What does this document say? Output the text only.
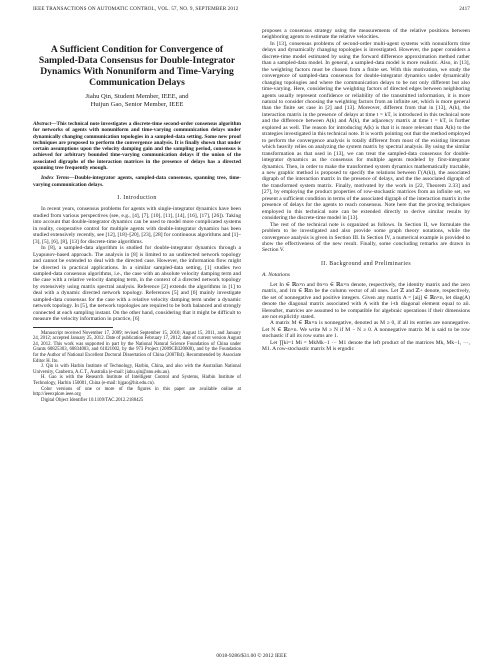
IEEE TRANSACTIONS ON AUTOMATIC CONTROL, VOL. 57, NO. 9, SEPTEMBER 2012	2417
A Sufficient Condition for Convergence of Sampled-Data Consensus for Double-Integrator Dynamics With Nonuniform and Time-Varying Communication Delays
Jiahu Qin, Student Member, IEEE, and
Huijun Gao, Senior Member, IEEE

Abstract—This technical note investigates a discrete-time second-order consensus algorithm for networks of agents with nonuniform and time-varying communication delays under dynamically changing communication topologies in a sampled-data setting. Some new proof techniques are proposed to perform the convergence analysis. It is finally shown that under certain assumptions upon the velocity damping gain and the sampling period, consensus is achieved for arbitrary bounded time-varying communication delays if the union of the associated digraphs of the interaction matrices in the presence of delays has a directed spanning tree frequently enough.

Index Terms—Double-integrator agents, sampled-data consensus, spanning tree, time-varying communication delays.

I. Introduction

In recent years, consensus problems for agents with single-integrator dynamics have been studied from various perspectives (see, e.g., [4], [7], [10], [11], [14], [16], [17], [26]). Taking into account that double-integrator dynamics can be used to model more complicated systems in reality, cooperative control for multiple agents with double-integrator dynamics has been studied extensively recently, see [12], [18]–[20], [23], [28] for continuous algorithms and [1]–[3], [5], [6], [8], [13] for discrete-time algorithms.

In [8], a sampled-data algorithm is studied for double-integrator dynamics through a Lyapunov-based approach. The analysis in [8] is limited to an undirected network topology and cannot be extended to deal with the directed case. However, the information flow might be directed in practical applications. In a similar sampled-data setting, [1] studies two sampled-data consensus algorithms, i.e., the case with an absolute velocity damping term and the case with a relative velocity damping term, in the context of a directed network topology by extensively using matrix spectral analysis. Reference [2] extends the algorithms in [1] to deal with a dynamic directed network topology. References [5] and [6] mainly investigate sampled-data consensus for the case with a relative velocity damping term under a dynamic network topology. In [5], the network topologies are required to be both balanced and strongly connected at each sampling instant. On the other hand, considering that it might be difficult to measure the velocity information in practice, [6]

Manuscript received November 17, 2009; revised September 15, 2010; August 15, 2011, and January 24, 2012; accepted January 25, 2012. Date of publication February 17, 2012; date of current version August 24, 2012. This work was supported in part by the National Natural Science Foundation of China under Grants 60825303, 60834003, and 61021002, by the 973 Project (2009CB320600), and by the Foundation for the Author of National Excellent Doctoral Dissertation of China (2007B4). Recommended by Associate Editor H. Ito.

J. Qin is with Harbin Institute of Technology, Harbin, China, and also with the Australian National University, Canberra, A.C.T., Australia (e-mail: jiahu.qin@anu.edu.au).

H. Gao is with the Research Institute of Intelligent Control and Systems, Harbin Institute of Technology, Harbin 150001, China (e-mail: hjgao@hit.edu.cn).

Color versions of one or more of the figures in this paper are available online at http://ieeexplore.ieee.org

Digital Object Identifier 10.1109/TAC.2012.2188425

proposes a consensus strategy using the measurements of the relative positions between neighboring agents to estimate the relative velocities.

In [13], consensus problems of second-order multi-agent systems with nonuniform time delays and dynamically changing topologies is investigated. However, the paper considers a discrete-time model estimated by using the forward difference approximation method rather than a sampled-data model. In general, a sampled-data model is more realistic. Also, in [13], the weighting factors must be chosen from a finite set. With this motivation, we study the convergence of sampled-data consensus for double-integrator dynamics under dynamically changing topologies and where the communication delays to be not only different but also time-varying. Here, considering the weighting factors of directed edges between neighboring agents usually represent confidence or reliability of the transmitted information, it is more natural to consider choosing the weighting factors from an infinite set, which is more general than the finite set case in [2] and [13]. Moreover, different from that in [13], A(k), the interaction matrix in the presence of delays at time t = kT, is introduced in this technical note and the difference between A(k) and Ā(k), the adjacency matrix at time t = kT, is further explored as well. The reason for introducing A(k) is that it is more relevant than Ā(k) to the strategies investigated in this technical note. It is worth pointing out that the method employed to perform the convergence analysis is totally different from most of the existing literature which heavily relies on analyzing the system matrix by spectral analysis. By using the similar transformation as that used in [13], we can treat the sampled-data consensus for double-integrator dynamics as the consensus for multiple agents modeled by first-integrator dynamics. Then, in order to make the transformed system dynamics mathematically tractable, a new graphic method is proposed to specify the relations between Γ(A(k)), the associated digraph of the interaction matrix in the presence of delays, and the the associated digraph of the transformed system matrix. Finally, motivated by the work in [22, Theorem 2.33] and [27], by employing the product properties of row-stochastic matrices from an infinite set, we present a sufficient condition in terms of the associated digraph of the interaction matrix in the presence of delays for the agents to reach consensus. Note here that the proving techniques employed in this technical note can be extended directly to derive similar results by considering the discrete-time model in [13].

The rest of the technical note is organized as follows. In Section II, we formulate the problem to be investigated and also provide some graph theory notations, while the convergence analysis is given in Section III. In Section IV, a numerical example is provided to show the effectiveness of the new result. Finally, some concluding remarks are drawn in Section V.

II. Background and Preliminaries
A. Notations

Let In ∈ ℝn×n and 0n×n ∈ ℝn×n denote, respectively, the identity matrix and the zero matrix, and 1m ∈ ℝm be the column vector of all ones. Let ℤ and ℤ+ denote, respectively, the set of nonnegative and positive integers. Given any matrix A = [aij] ∈ ℝn×n, let diag(A) denote the diagonal matrix associated with A with the i-th diagonal element equal to aii. Hereafter, matrices are assumed to be compatible for algebraic operations if their dimensions are not explicitly stated.

A matrix M ∈ ℝn×n is nonnegative, denoted as M ≥ 0, if all its entries are nonnegative. Let N ∈ ℝn×n. We write M ≥ N if M − N ≥ 0. A nonnegative matrix M is said to be row stochastic if all its row sums are 1.

Let ∏ki=1 Mi = MkMk−1 ··· M1 denote the left product of the matrices Mk, Mk−1, ···, M1. A row-stochastic matrix M is ergodic

0018-9286/$31.00 © 2012 IEEE
